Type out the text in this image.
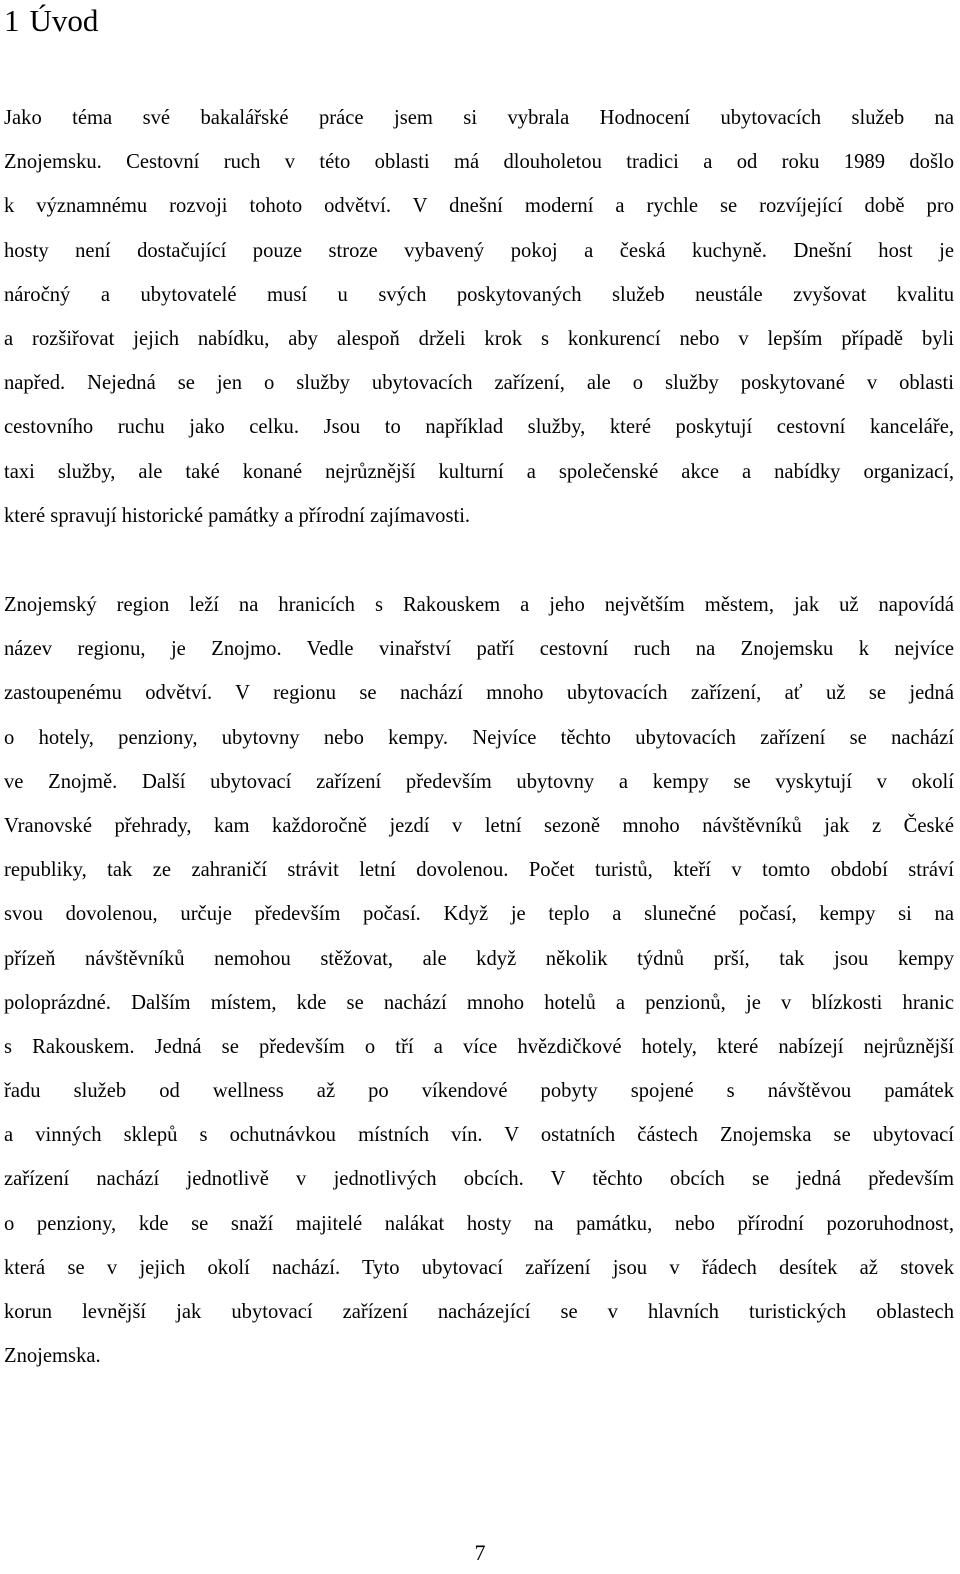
1 Úvod
Jako téma své bakalářské práce jsem si vybrala Hodnocení ubytovacích služeb na
Znojemsku. Cestovní ruch v této oblasti má dlouholetou tradici a od roku 1989 došlo
k významnému rozvoji tohoto odvětví. V dnešní moderní a rychle se rozvíjející době pro
hosty není dostačující pouze stroze vybavený pokoj a česká kuchyně. Dnešní host je
náročný a ubytovatelé musí u svých poskytovaných služeb neustále zvyšovat kvalitu
a rozšiřovat jejich nabídku, aby alespoň drželi krok s konkurencí nebo v lepším případě byli
napřed. Nejedná se jen o služby ubytovacích zařízení, ale o služby poskytované v oblasti
cestovního ruchu jako celku. Jsou to například služby, které poskytují cestovní kanceláře,
taxi služby, ale také konané nejrůznější kulturní a společenské akce a nabídky organizací,
které spravují historické památky a přírodní zajímavosti.
Znojemský region leží na hranicích s Rakouskem a jeho největším městem, jak už napovídá
název regionu, je Znojmo. Vedle vinařství patří cestovní ruch na Znojemsku k nejvíce
zastoupenému odvětví. V regionu se nachází mnoho ubytovacích zařízení, ať už se jedná
o hotely, penziony, ubytovny nebo kempy. Nejvíce těchto ubytovacích zařízení se nachází
ve Znojmě. Další ubytovací zařízení především ubytovny a kempy se vyskytují v okolí
Vranovské přehrady, kam každoročně jezdí v letní sezoně mnoho návštěvníků jak z České
republiky, tak ze zahraničí strávit letní dovolenou. Počet turistů, kteří v tomto období stráví
svou dovolenou, určuje především počasí. Když je teplo a slunečné počasí, kempy si na
přízeň návštěvníků nemohou stěžovat, ale když několik týdnů prší, tak jsou kempy
poloprázdné. Dalším místem, kde se nachází mnoho hotelů a penzionů, je v blízkosti hranic
s Rakouskem. Jedná se především o tří a více hvězdičkové hotely, které nabízejí nejrůznější
řadu služeb od wellness až po víkendové pobyty spojené s návštěvou památek
a vinných sklepů s ochutnávkou místních vín. V ostatních částech Znojemska se ubytovací
zařízení nachází jednotlivě v jednotlivých obcích. V těchto obcích se jedná především
o penziony, kde se snaží majitelé nalákat hosty na památku, nebo přírodní pozoruhodnost,
která se v jejich okolí nachází. Tyto ubytovací zařízení jsou v řádech desítek až stovek
korun levnější jak ubytovací zařízení nacházející se v hlavních turistických oblastech
Znojemska.
7
